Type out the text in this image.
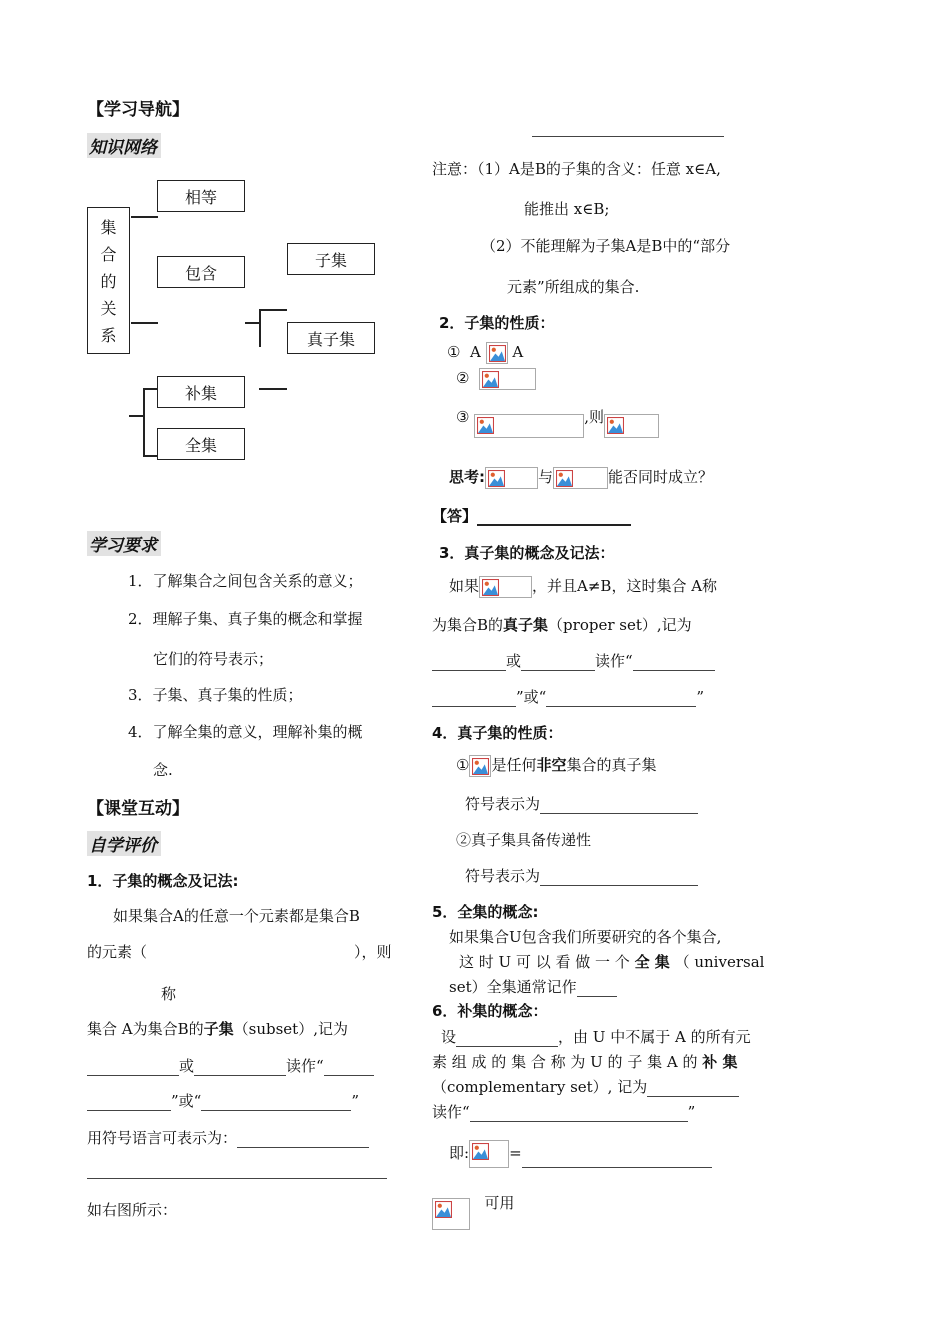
【学习导航】
知识网络
集
合
的
关
系
相等
包含
子集
真子集
补集
全集
学习要求
1．了解集合之间包含关系的意义；
2．理解子集、真子集的概念和掌握
它们的符号表示；
3．子集、真子集的性质；
4．了解全集的意义，理解补集的概
念.
【课堂互动】
自学评价
1．子集的概念及记法:
如果集合A的任意一个元素都是集合B
的元素（	），则
称
集合 A为集合B的子集（subset）,记为
或	读作“
”或“	”
用符号语言可表示为：
如右图所示：
注意：（1）A是B的子集的含义：任意 x∈A,
能推出 x∈B;
（2）不能理解为子集A是B中的“部分
元素”所组成的集合.
2．子集的性质：
① A A
②
③	,则
思考:	与	能否同时成立？
【答】
3．真子集的概念及记法：
如果	，并且A≠B，这时集合 A称
为集合B的真子集（proper set）,记为
或	读作“
”或“	”
4．真子集的性质：
① 是任何非空集合的真子集
符号表示为
②真子集具备传递性
符号表示为
5．全集的概念:
如果集合U包含我们所要研究的各个集合,
这 时 U 可 以 看 做 一 个 全 集 （ universal
set）全集通常记作
6．补集的概念：
设	，由 U 中不属于 A 的所有元
素 组 成 的 集 合 称 为 U 的 子 集 A 的 补 集
（complementary set）, 记为
读作“	”
即:	=
可用
